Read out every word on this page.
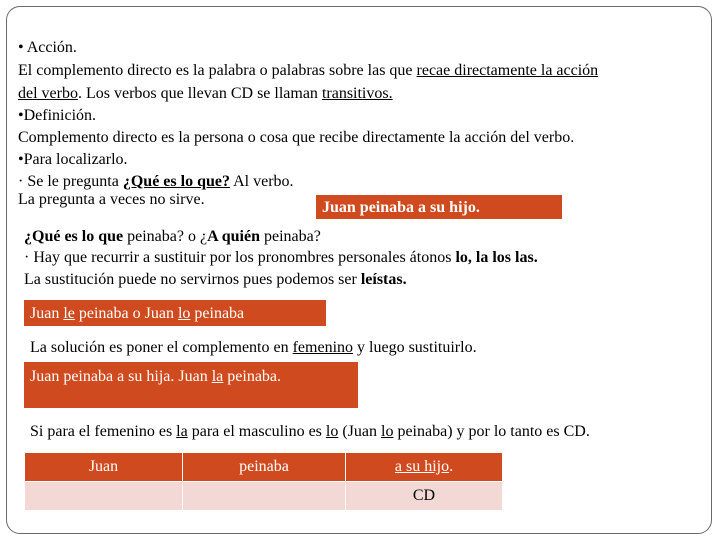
• Acción.
El complemento directo es la palabra o palabras sobre las que recae directamente la acción
del verbo. Los verbos que llevan CD se llaman transitivos.
•Definición.
Complemento directo es la persona o cosa que recibe directamente la acción del verbo.
•Para localizarlo.
· Se le pregunta ¿Qué es lo que? Al verbo.
La pregunta a veces no sirve.	Juan peinaba a su hijo.
¿Qué es lo que peinaba? o ¿A quién peinaba?
· Hay que recurrir a sustituir por los pronombres personales átonos lo, la los las.
La sustitución puede no servirnos pues podemos ser leístas.
Juan le peinaba o Juan lo peinaba
La solución es poner el complemento en femenino y luego sustituirlo.
Juan peinaba a su hija. Juan la peinaba.
Si para el femenino es la para el masculino es lo (Juan lo peinaba) y por lo tanto es CD.
Juan	peinaba	a su hijo.
		CD
